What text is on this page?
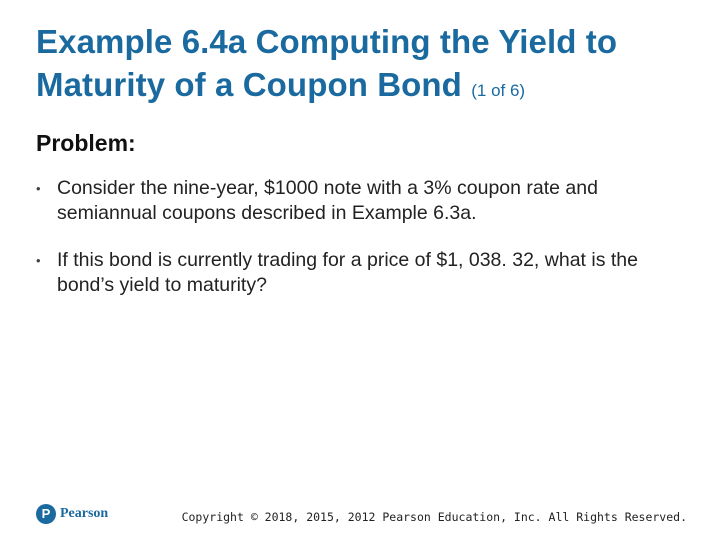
Example 6.4a Computing the Yield to Maturity of a Coupon Bond (1 of 6)
Problem:
• Consider the nine-year, $1000 note with a 3% coupon rate and semiannual coupons described in Example 6.3a.
• If this bond is currently trading for a price of $1, 038. 32, what is the bond’s yield to maturity?
P Pearson	Copyright © 2018, 2015, 2012 Pearson Education, Inc. All Rights Reserved.
